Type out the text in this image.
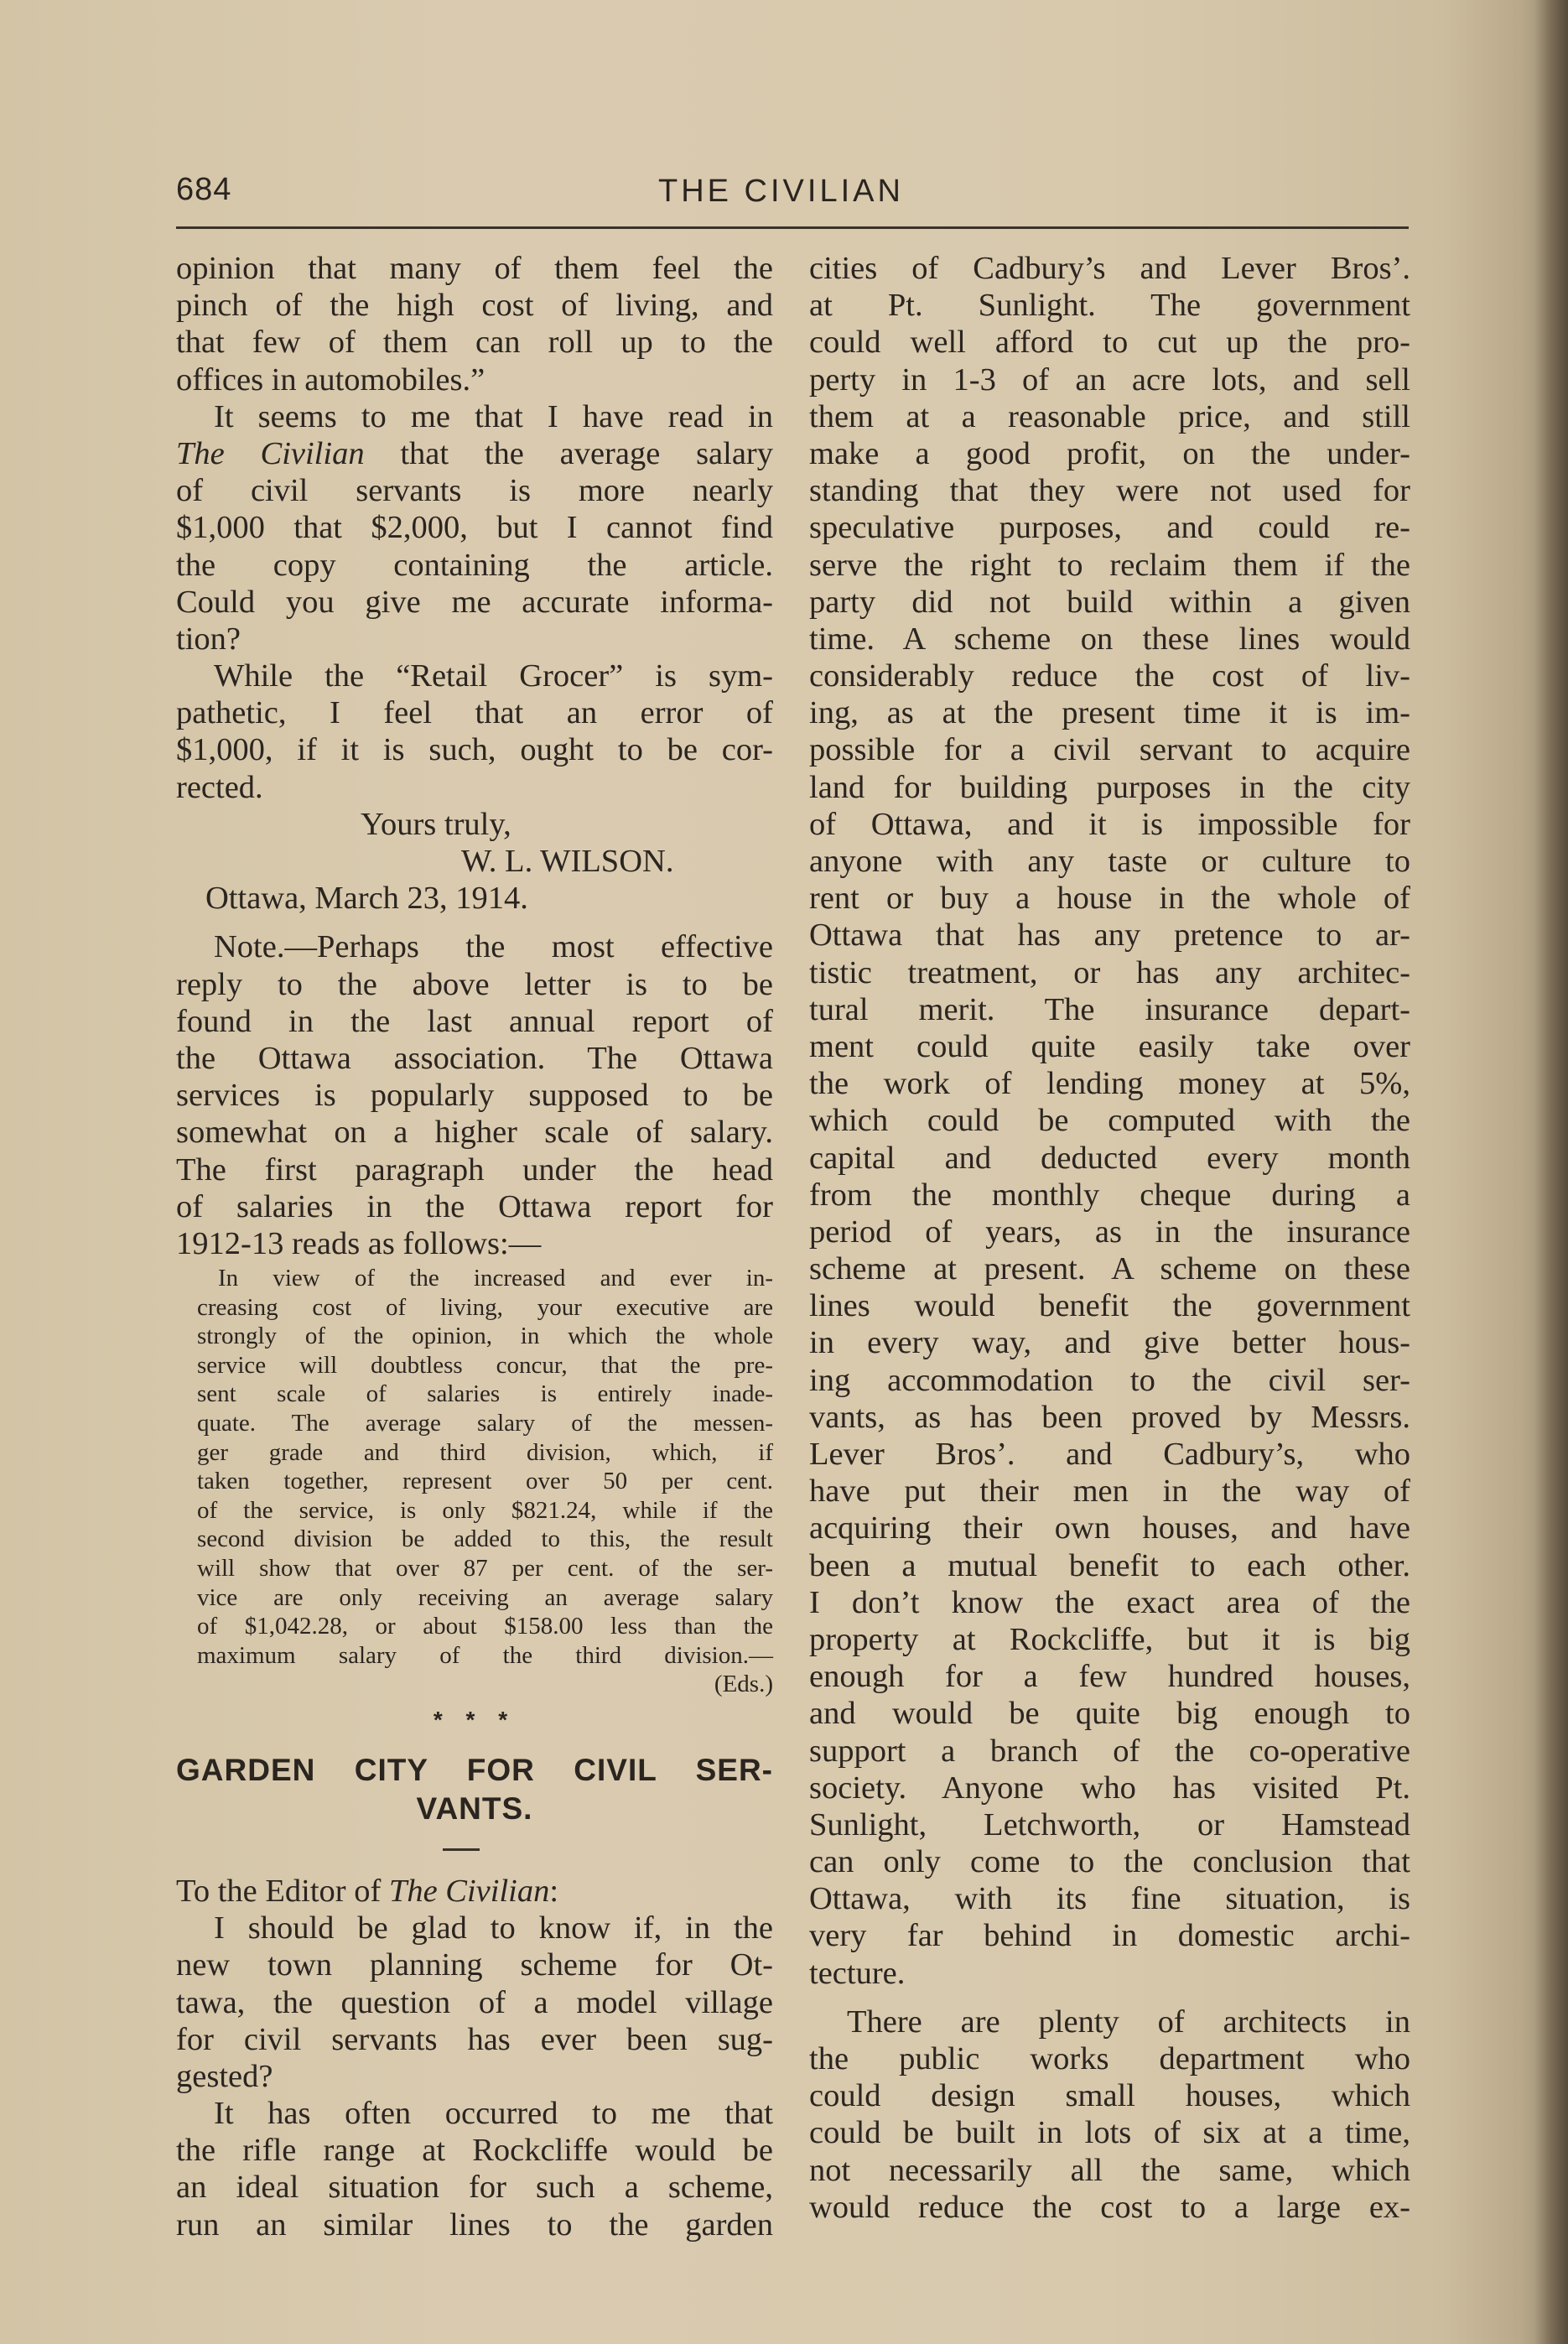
684	THE CIVILIAN
opinion that many of them feel the
pinch of the high cost of living, and
that few of them can roll up to the
offices in automobiles.”
It seems to me that I have read in
The Civilian that the average salary
of civil servants is more nearly
$1,000 that $2,000, but I cannot find
the copy containing the article.
Could you give me accurate informa-
tion?
While the “Retail Grocer” is sym-
pathetic, I feel that an error of
$1,000, if it is such, ought to be cor-
rected.
Yours truly,
W. L. WILSON.
Ottawa, March 23, 1914.
Note.—Perhaps the most effective
reply to the above letter is to be
found in the last annual report of
the Ottawa association. The Ottawa
services is popularly supposed to be
somewhat on a higher scale of salary.
The first paragraph under the head
of salaries in the Ottawa report for
1912-13 reads as follows:—
In view of the increased and ever in-
creasing cost of living, your executive are
strongly of the opinion, in which the whole
service will doubtless concur, that the pre-
sent scale of salaries is entirely inade-
quate. The average salary of the messen-
ger grade and third division, which, if
taken together, represent over 50 per cent.
of the service, is only $821.24, while if the
second division be added to this, the result
will show that over 87 per cent. of the ser-
vice are only receiving an average salary
of $1,042.28, or about $158.00 less than the
maximum salary of the third division.—
(Eds.)
* * *
GARDEN CITY FOR CIVIL SER-
VANTS.
To the Editor of The Civilian:
I should be glad to know if, in the
new town planning scheme for Ot-
tawa, the question of a model village
for civil servants has ever been sug-
gested?
It has often occurred to me that
the rifle range at Rockcliffe would be
an ideal situation for such a scheme,
run an similar lines to the garden
cities of Cadbury’s and Lever Bros’.
at Pt. Sunlight. The government
could well afford to cut up the pro-
perty in 1-3 of an acre lots, and sell
them at a reasonable price, and still
make a good profit, on the under-
standing that they were not used for
speculative purposes, and could re-
serve the right to reclaim them if the
party did not build within a given
time. A scheme on these lines would
considerably reduce the cost of liv-
ing, as at the present time it is im-
possible for a civil servant to acquire
land for building purposes in the city
of Ottawa, and it is impossible for
anyone with any taste or culture to
rent or buy a house in the whole of
Ottawa that has any pretence to ar-
tistic treatment, or has any architec-
tural merit. The insurance depart-
ment could quite easily take over
the work of lending money at 5%,
which could be computed with the
capital and deducted every month
from the monthly cheque during a
period of years, as in the insurance
scheme at present. A scheme on these
lines would benefit the government
in every way, and give better hous-
ing accommodation to the civil ser-
vants, as has been proved by Messrs.
Lever Bros’. and Cadbury’s, who
have put their men in the way of
acquiring their own houses, and have
been a mutual benefit to each other.
I don’t know the exact area of the
property at Rockcliffe, but it is big
enough for a few hundred houses,
and would be quite big enough to
support a branch of the co-operative
society. Anyone who has visited Pt.
Sunlight, Letchworth, or Hamstead
can only come to the conclusion that
Ottawa, with its fine situation, is
very far behind in domestic archi-
tecture.
There are plenty of architects in
the public works department who
could design small houses, which
could be built in lots of six at a time,
not necessarily all the same, which
would reduce the cost to a large ex-
